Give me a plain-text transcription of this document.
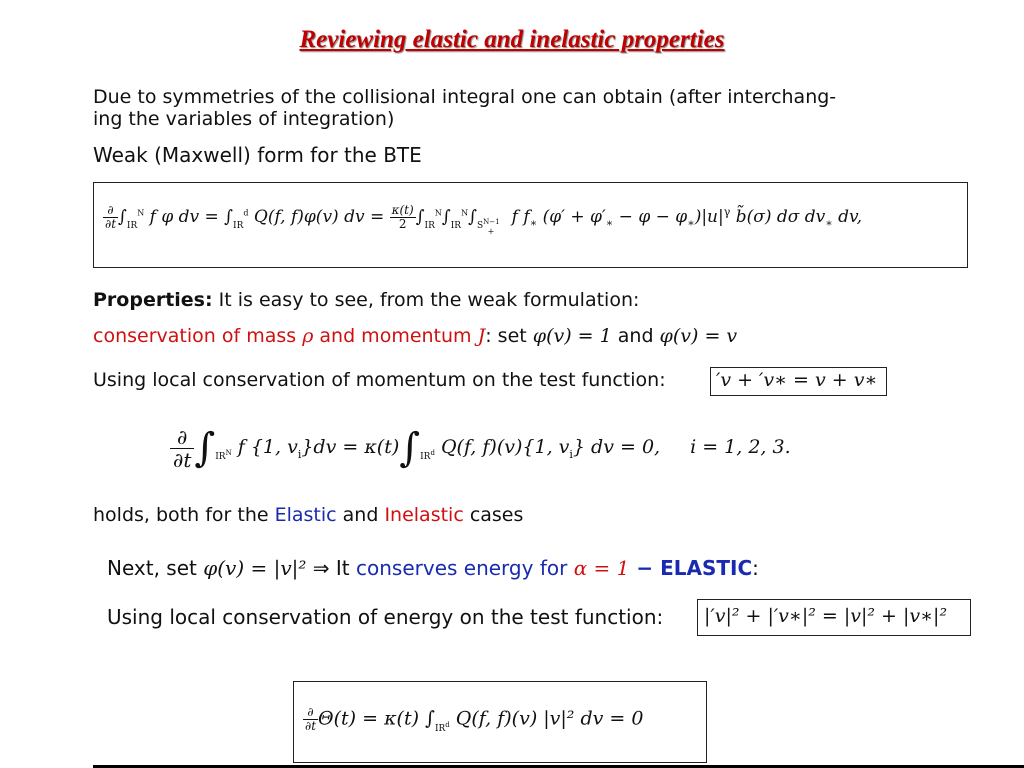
Reviewing elastic and inelastic properties
Due to symmetries of the collisional integral one can obtain (after interchang-
ing the variables of integration)
Weak (Maxwell) form for the BTE
$\frac{\partial}{\partial t} \int_{IR}^N$ f φ dv = $\int_{IR}^d$ Q(f, f)φ(v) dv = $\frac{\kappa(t)}{2} \int_{IR}^N\int_{IR}^N\int_{S^{N-1}+}$ f $f_∗$ $(\varphi' + \varphi'_∗ - \varphi - \varphi_∗)|u|^\gamma$ b̃(σ) dσ $dv_∗$ dv,
Properties: It is easy to see, from the weak formulation:
conservation of mass ρ and momentum J: set φ(v) = 1 and φ(v) = v
Using local conservation of momentum on the test function:	′v + ′v∗ = v + v∗
$\frac{\partial}{\partial t} \int_{IR^N}$ f {1, $v_i\}dv = \kappa(t)\int_{IR^d}$ Q(f, f)(v){1, $v_i$} dv = 0, i = 1, 2, 3.
holds, both for the Elastic and Inelastic cases
Next, set φ(v) = |v|² ⇒ It conserves energy for α = 1 − ELASTIC:
Using local conservation of energy on the test function: |′v|² + |′v∗|² = |v|² + |v∗|²
$\frac{\partial}{\partial t} \Theta(t) = \kappa(t)$ $\int_{IR^d}$ Q(f, f)(v) |v|² dv = 0
